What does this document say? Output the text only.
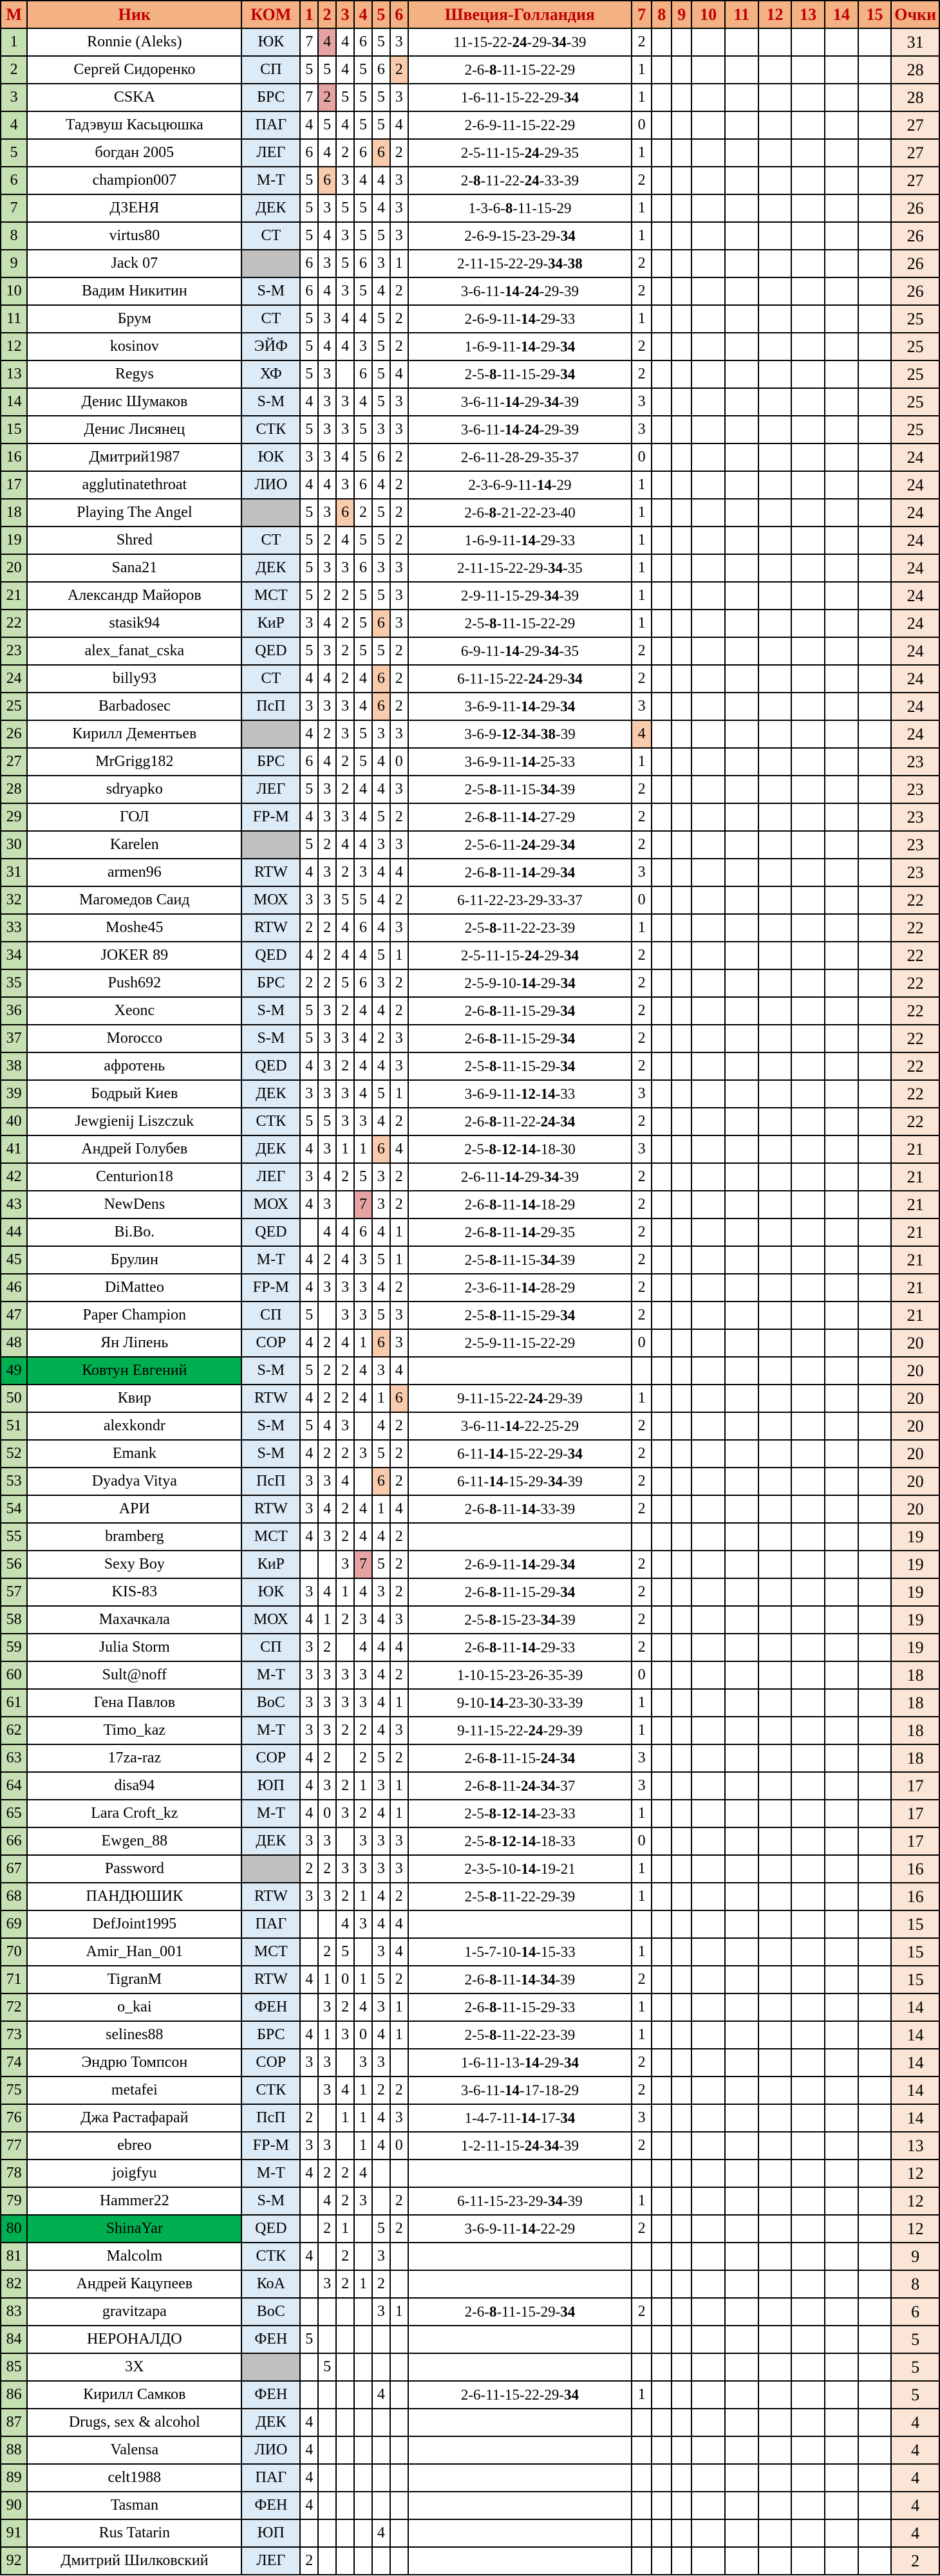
М	Ник	КОМ	1	2	3	4	5	6	Швеция-Голландия	7	8	9	10	11	12	13	14	15	Очки
1	Ronnie (Aleks)	ЮК	7	4	4	6	5	3	11-15-22-24-29-34-39	2									31
2	Сергей Сидоренко	СП	5	5	4	5	6	2	2-6-8-11-15-22-29	1									28
3	CSKA	БРС	7	2	5	5	5	3	1-6-11-15-22-29-34	1									28
4	Тадэвуш Касьцюшка	ПАГ	4	5	4	5	5	4	2-6-9-11-15-22-29	0									27
5	богдан 2005	ЛЕГ	6	4	2	6	6	2	2-5-11-15-24-29-35	1									27
6	champion007	М-Т	5	6	3	4	4	3	2-8-11-22-24-33-39	2									27
7	ДЗЕНЯ	ДЕК	5	3	5	5	4	3	1-3-6-8-11-15-29	1									26
8	virtus80	СТ	5	4	3	5	5	3	2-6-9-15-23-29-34	1									26
9	Jack 07		6	3	5	6	3	1	2-11-15-22-29-34-38	2									26
10	Вадим Никитин	S-M	6	4	3	5	4	2	3-6-11-14-24-29-39	2									26
11	Брум	СТ	5	3	4	4	5	2	2-6-9-11-14-29-33	1									25
12	kosinov	ЭЙФ	5	4	4	3	5	2	1-6-9-11-14-29-34	2									25
13	Regys	ХФ	5	3		6	5	4	2-5-8-11-15-29-34	2									25
14	Денис Шумаков	S-M	4	3	3	4	5	3	3-6-11-14-29-34-39	3									25
15	Денис Лисянец	СТК	5	3	3	5	3	3	3-6-11-14-24-29-39	3									25
16	Дмитрий1987	ЮК	3	3	4	5	6	2	2-6-11-28-29-35-37	0									24
17	agglutinatethroat	ЛИО	4	4	3	6	4	2	2-3-6-9-11-14-29	1									24
18	Playing The Angel		5	3	6	2	5	2	2-6-8-21-22-23-40	1									24
19	Shred	СТ	5	2	4	5	5	2	1-6-9-11-14-29-33	1									24
20	Sana21	ДЕК	5	3	3	6	3	3	2-11-15-22-29-34-35	1									24
21	Александр Майоров	МСТ	5	2	2	5	5	3	2-9-11-15-29-34-39	1									24
22	stasik94	КиР	3	4	2	5	6	3	2-5-8-11-15-22-29	1									24
23	alex_fanat_cska	QED	5	3	2	5	5	2	6-9-11-14-29-34-35	2									24
24	billy93	СТ	4	4	2	4	6	2	6-11-15-22-24-29-34	2									24
25	Barbadosec	ПсП	3	3	3	4	6	2	3-6-9-11-14-29-34	3									24
26	Кирилл Дементьев		4	2	3	5	3	3	3-6-9-12-34-38-39	4									24
27	MrGrigg182	БРС	6	4	2	5	4	0	3-6-9-11-14-25-33	1									23
28	sdryapko	ЛЕГ	5	3	2	4	4	3	2-5-8-11-15-34-39	2									23
29	ГОЛ	FP-M	4	3	3	4	5	2	2-6-8-11-14-27-29	2									23
30	Karelen		5	2	4	4	3	3	2-5-6-11-24-29-34	2									23
31	armen96	RTW	4	3	2	3	4	4	2-6-8-11-14-29-34	3									23
32	Магомедов Саид	МОХ	3	3	5	5	4	2	6-11-22-23-29-33-37	0									22
33	Moshe45	RTW	2	2	4	6	4	3	2-5-8-11-22-23-39	1									22
34	JOKER 89	QED	4	2	4	4	5	1	2-5-11-15-24-29-34	2									22
35	Push692	БРС	2	2	5	6	3	2	2-5-9-10-14-29-34	2									22
36	Xeonc	S-M	5	3	2	4	4	2	2-6-8-11-15-29-34	2									22
37	Morocco	S-M	5	3	3	4	2	3	2-6-8-11-15-29-34	2									22
38	афротень	QED	4	3	2	4	4	3	2-5-8-11-15-29-34	2									22
39	Бодрый Киев	ДЕК	3	3	3	4	5	1	3-6-9-11-12-14-33	3									22
40	Jewgienij Liszczuk	СТК	5	5	3	3	4	2	2-6-8-11-22-24-34	2									22
41	Андрей Голубев	ДЕК	4	3	1	1	6	4	2-5-8-12-14-18-30	3									21
42	Centurion18	ЛЕГ	3	4	2	5	3	2	2-6-11-14-29-34-39	2									21
43	NewDens	МОХ	4	3		7	3	2	2-6-8-11-14-18-29	2									21
44	Bi.Bo.	QED		4	4	6	4	1	2-6-8-11-14-29-35	2									21
45	Брулин	М-Т	4	2	4	3	5	1	2-5-8-11-15-34-39	2									21
46	DiMatteo	FP-M	4	3	3	3	4	2	2-3-6-11-14-28-29	2									21
47	Paper Champion	СП	5		3	3	5	3	2-5-8-11-15-29-34	2									21
48	Ян Лiпень	СОР	4	2	4	1	6	3	2-5-9-11-15-22-29	0									20
49	Ковтун Евгений	S-M	5	2	2	4	3	4											20
50	Квир	RTW	4	2	2	4	1	6	9-11-15-22-24-29-39	1									20
51	alexkondr	S-M	5	4	3		4	2	3-6-11-14-22-25-29	2									20
52	Emank	S-M	4	2	2	3	5	2	6-11-14-15-22-29-34	2									20
53	Dyadya Vitya	ПсП	3	3	4		6	2	6-11-14-15-29-34-39	2									20
54	АРИ	RTW	3	4	2	4	1	4	2-6-8-11-14-33-39	2									20
55	bramberg	МСТ	4	3	2	4	4	2											19
56	Sexy Boy	КиР			3	7	5	2	2-6-9-11-14-29-34	2									19
57	KIS-83	ЮК	3	4	1	4	3	2	2-6-8-11-15-29-34	2									19
58	Махачкала	МОХ	4	1	2	3	4	3	2-5-8-15-23-34-39	2									19
59	Julia Storm	СП	3	2		4	4	4	2-6-8-11-14-29-33	2									19
60	Sult@noff	М-Т	3	3	3	3	4	2	1-10-15-23-26-35-39	0									18
61	Гена Павлов	ВоС	3	3	3	3	4	1	9-10-14-23-30-33-39	1									18
62	Timo_kaz	М-Т	3	3	2	2	4	3	9-11-15-22-24-29-39	1									18
63	17za-raz	СОР	4	2		2	5	2	2-6-8-11-15-24-34	3									18
64	disa94	ЮП	4	3	2	1	3	1	2-6-8-11-24-34-37	3									17
65	Lara Croft_kz	М-Т	4	0	3	2	4	1	2-5-8-12-14-23-33	1									17
66	Ewgen_88	ДЕК	3	3		3	3	3	2-5-8-12-14-18-33	0									17
67	Password		2	2	3	3	3	3	2-3-5-10-14-19-21	1									16
68	ПАНДЮШИК	RTW	3	3	2	1	4	2	2-5-8-11-22-29-39	1									16
69	DefJoint1995	ПАГ			4	3	4	4											15
70	Amir_Han_001	МСТ		2	5		3	4	1-5-7-10-14-15-33	1									15
71	TigranM	RTW	4	1	0	1	5	2	2-6-8-11-14-34-39	2									15
72	o_kai	ФЕН		3	2	4	3	1	2-6-8-11-15-29-33	1									14
73	selines88	БРС	4	1	3	0	4	1	2-5-8-11-22-23-39	1									14
74	Эндрю Томпсон	СОР	3	3		3	3		1-6-11-13-14-29-34	2									14
75	metafei	СТК		3	4	1	2	2	3-6-11-14-17-18-29	2									14
76	Джа Растафарай	ПсП	2		1	1	4	3	1-4-7-11-14-17-34	3									14
77	ebreo	FP-M	3	3		1	4	0	1-2-11-15-24-34-39	2									13
78	joigfyu	М-Т	4	2	2	4													12
79	Hammer22	S-M		4	2	3		2	6-11-15-23-29-34-39	1									12
80	ShinaYar	QED		2	1		5	2	3-6-9-11-14-22-29	2									12
81	Malcolm	СТК	4		2		3												9
82	Андрей Кацупеев	КоА		3	2	1	2												8
83	gravitzapa	ВоС					3	1	2-6-8-11-15-29-34	2									6
84	НЕРОНАЛДО	ФЕН	5																5
85	3X			5															5
86	Кирилл Самков	ФЕН					4		2-6-11-15-22-29-34	1									5
87	Drugs, sex & alcohol	ДЕК	4																4
88	Valensa	ЛИО	4																4
89	celt1988	ПАГ	4																4
90	Tasman	ФЕН	4																4
91	Rus Tatarin	ЮП					4												4
92	Дмитрий Шилковский	ЛЕГ	2																2
